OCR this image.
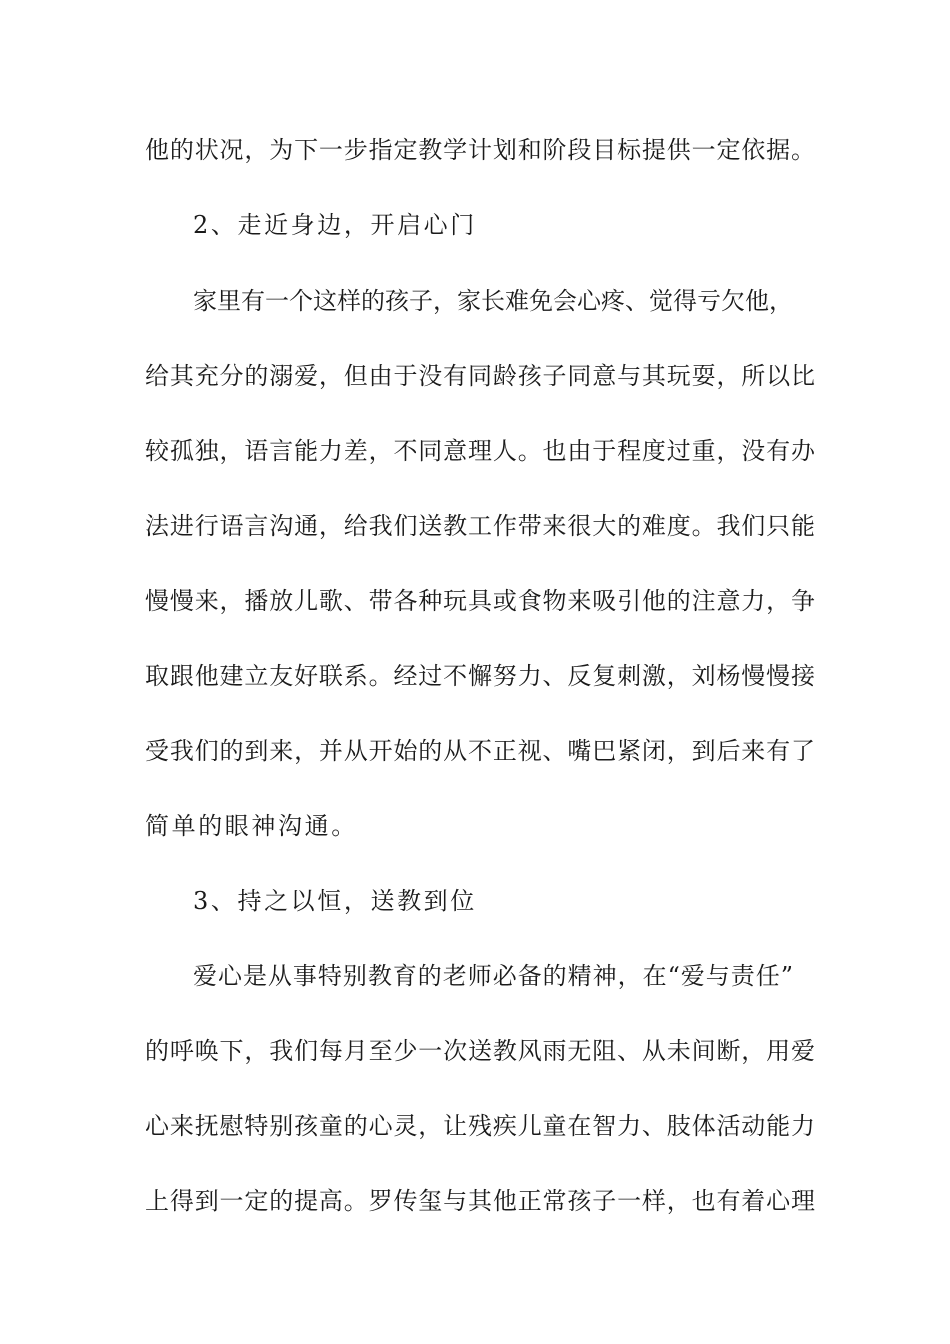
他的状况，为下一步指定教学计划和阶段目标提供一定依据。
2、走近身边，开启心门
家里有一个这样的孩子，家长难免会心疼、觉得亏欠他，
给其充分的溺爱，但由于没有同龄孩子同意与其玩耍，所以比
较孤独，语言能力差，不同意理人。也由于程度过重，没有办
法进行语言沟通，给我们送教工作带来很大的难度。我们只能
慢慢来，播放儿歌、带各种玩具或食物来吸引他的注意力，争
取跟他建立友好联系。经过不懈努力、反复刺激，刘杨慢慢接
受我们的到来，并从开始的从不正视、嘴巴紧闭，到后来有了
简单的眼神沟通。
3、持之以恒，送教到位
爱心是从事特别教育的老师必备的精神，在“爱与责任”
的呼唤下，我们每月至少一次送教风雨无阻、从未间断，用爱
心来抚慰特别孩童的心灵，让残疾儿童在智力、肢体活动能力
上得到一定的提高。罗传玺与其他正常孩子一样，也有着心理
